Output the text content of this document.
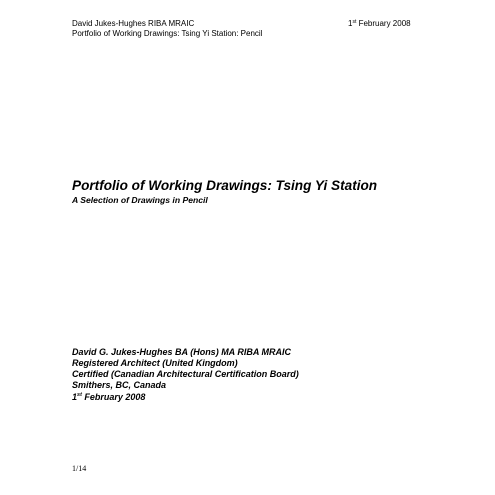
David Jukes-Hughes RIBA MRAIC
Portfolio of Working Drawings: Tsing Yi Station: Pencil
1st February 2008
Portfolio of Working Drawings: Tsing Yi Station
A Selection of Drawings in Pencil
David G. Jukes-Hughes BA (Hons) MA RIBA MRAIC
Registered Architect (United Kingdom)
Certified (Canadian Architectural Certification Board)
Smithers, BC, Canada
1st February 2008
1/14
